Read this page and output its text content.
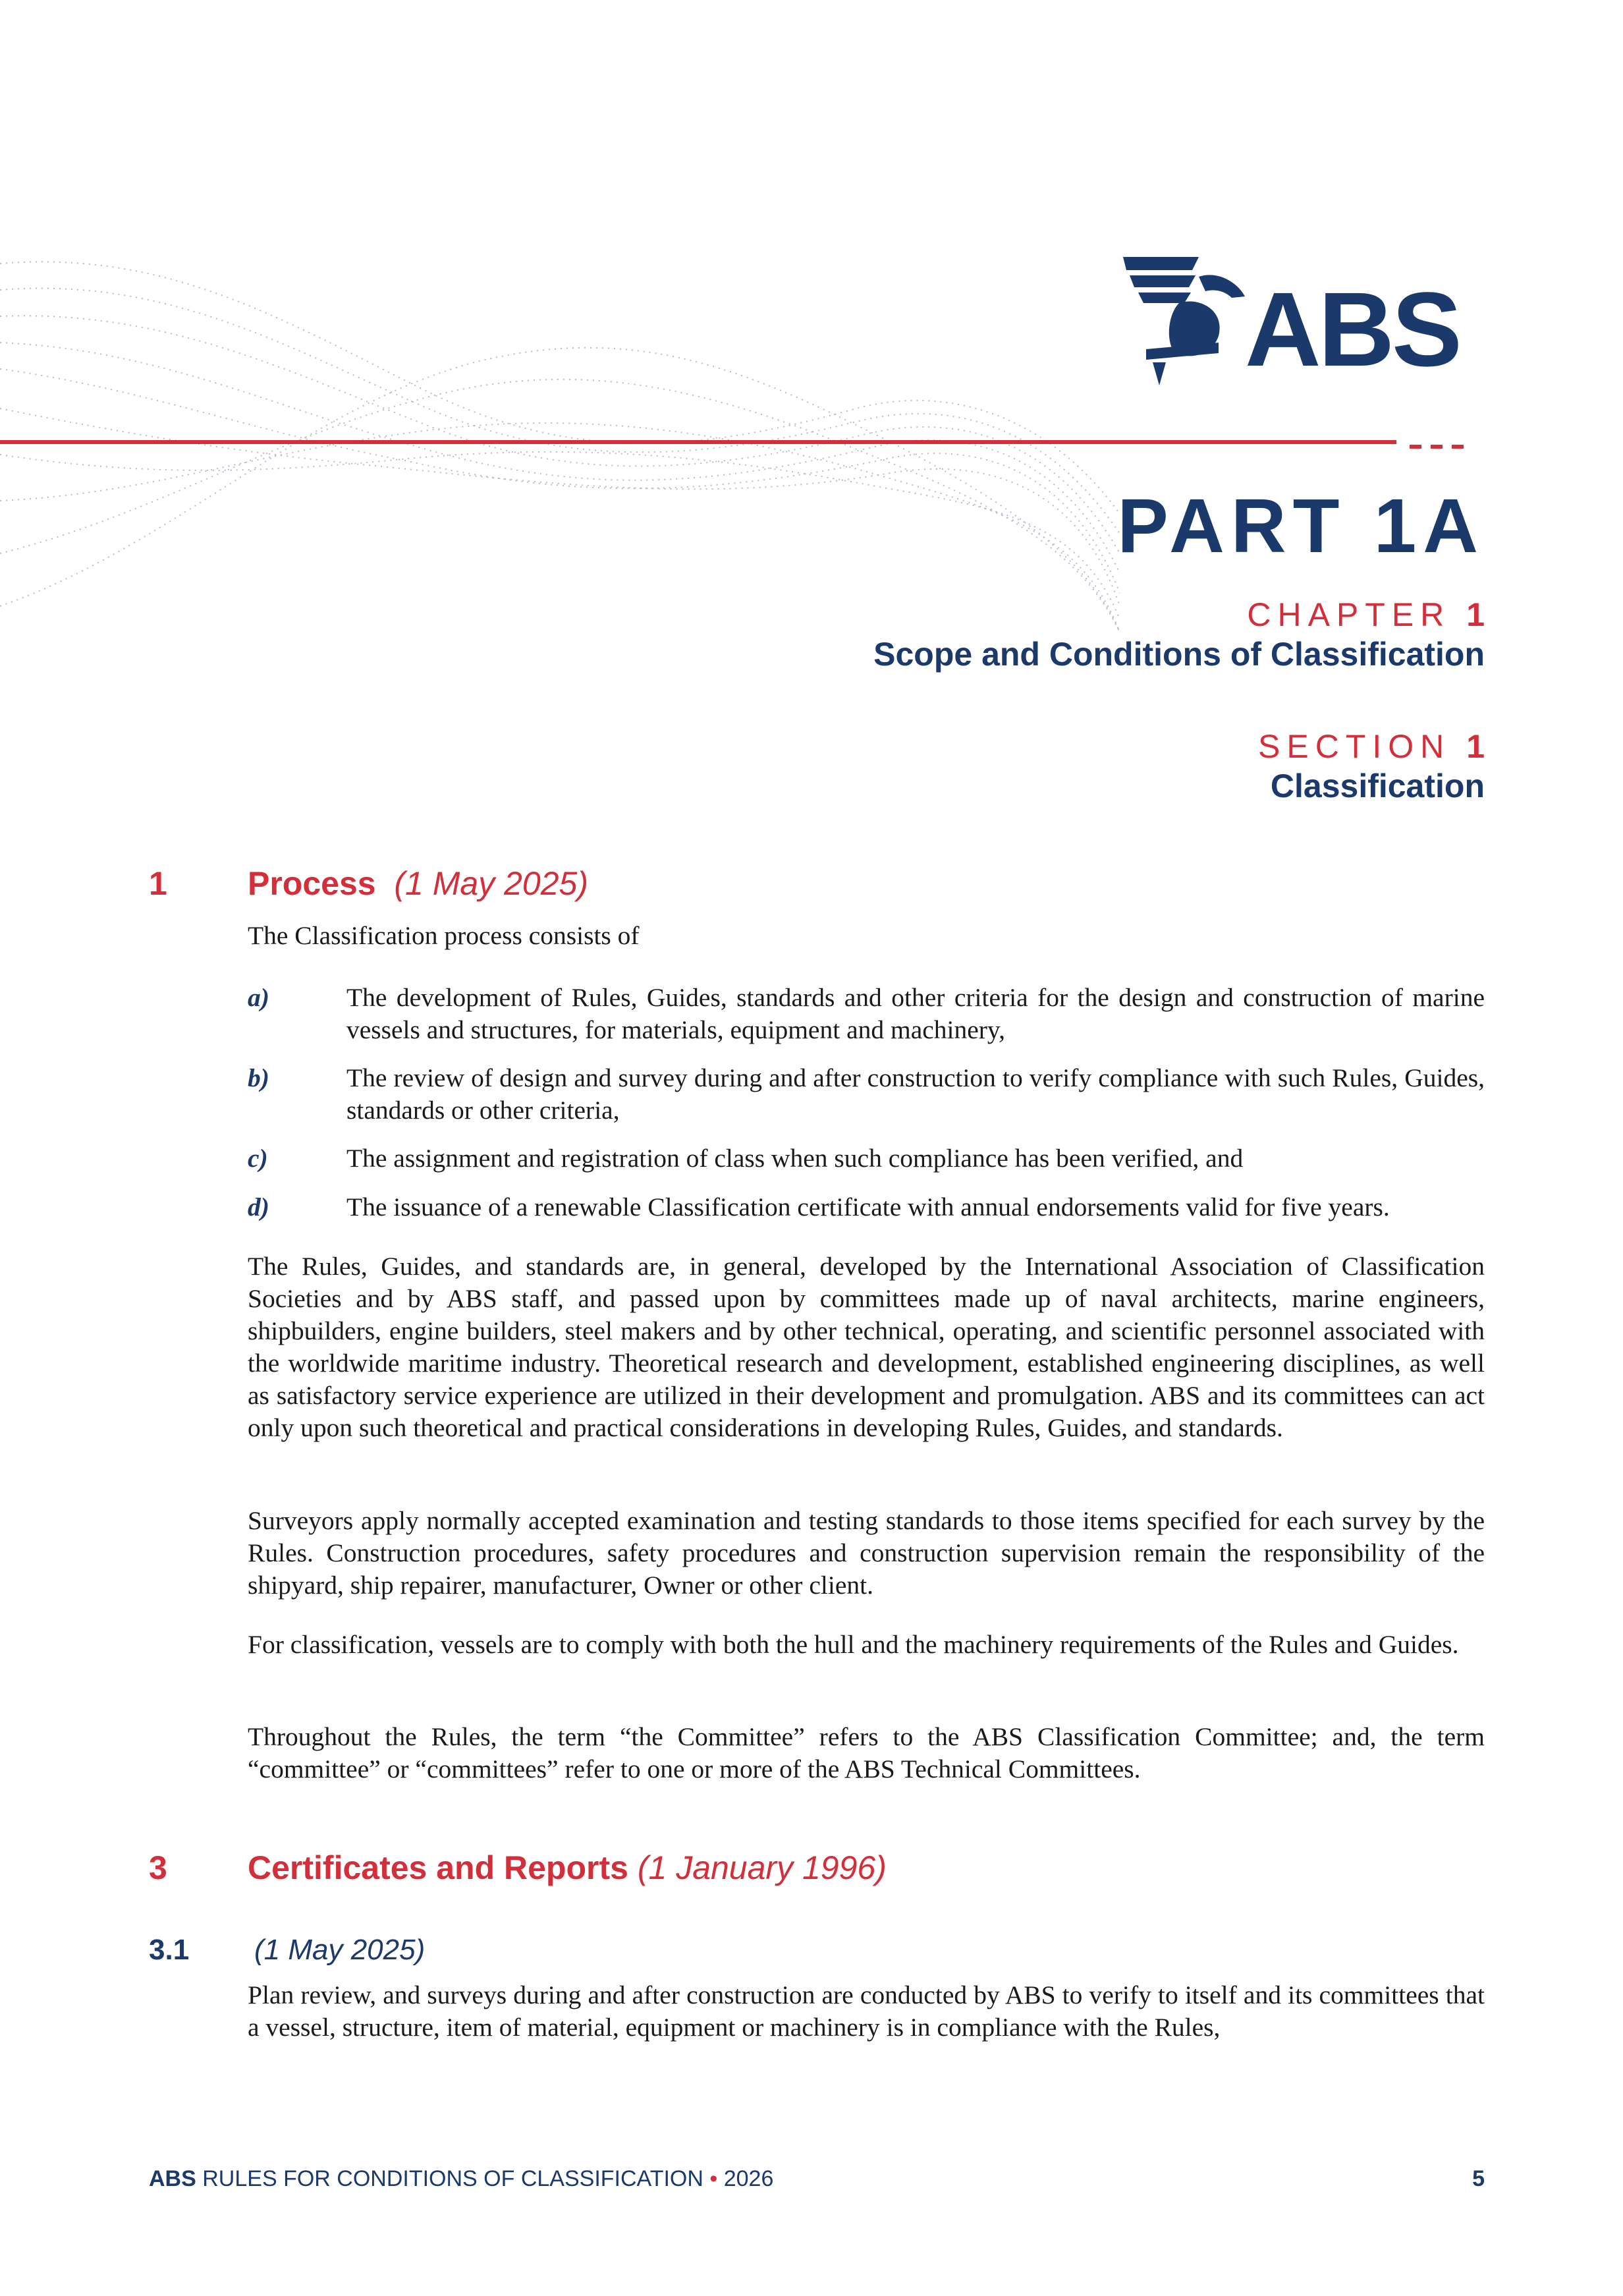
ABS
PART 1A
CHAPTER 1
Scope and Conditions of Classification
SECTION 1
Classification
1 Process (1 May 2025)

The Classification process consists of

a)	The development of Rules, Guides, standards and other criteria for the design and construction of marine vessels and structures, for materials, equipment and machinery,
b)	The review of design and survey during and after construction to verify compliance with such Rules, Guides, standards or other criteria,
c)	The assignment and registration of class when such compliance has been verified, and
d)	The issuance of a renewable Classification certificate with annual endorsements valid for five years.

The Rules, Guides, and standards are, in general, developed by the International Association of Classification Societies and by ABS staff, and passed upon by committees made up of naval architects, marine engineers, shipbuilders, engine builders, steel makers and by other technical, operating, and scientific personnel associated with the worldwide maritime industry. Theoretical research and development, established engineering disciplines, as well as satisfactory service experience are utilized in their development and promulgation. ABS and its committees can act only upon such theoretical and practical considerations in developing Rules, Guides, and standards.

Surveyors apply normally accepted examination and testing standards to those items specified for each survey by the Rules. Construction procedures, safety procedures and construction supervision remain the responsibility of the shipyard, ship repairer, manufacturer, Owner or other client.

For classification, vessels are to comply with both the hull and the machinery requirements of the Rules and Guides.

Throughout the Rules, the term “the Committee” refers to the ABS Classification Committee; and, the term “committee” or “committees” refer to one or more of the ABS Technical Committees.

3 Certificates and Reports (1 January 1996)
3.1 (1 May 2025)

Plan review, and surveys during and after construction are conducted by ABS to verify to itself and its committees that a vessel, structure, item of material, equipment or machinery is in compliance with the Rules,

ABS RULES FOR CONDITIONS OF CLASSIFICATION • 2026	5
